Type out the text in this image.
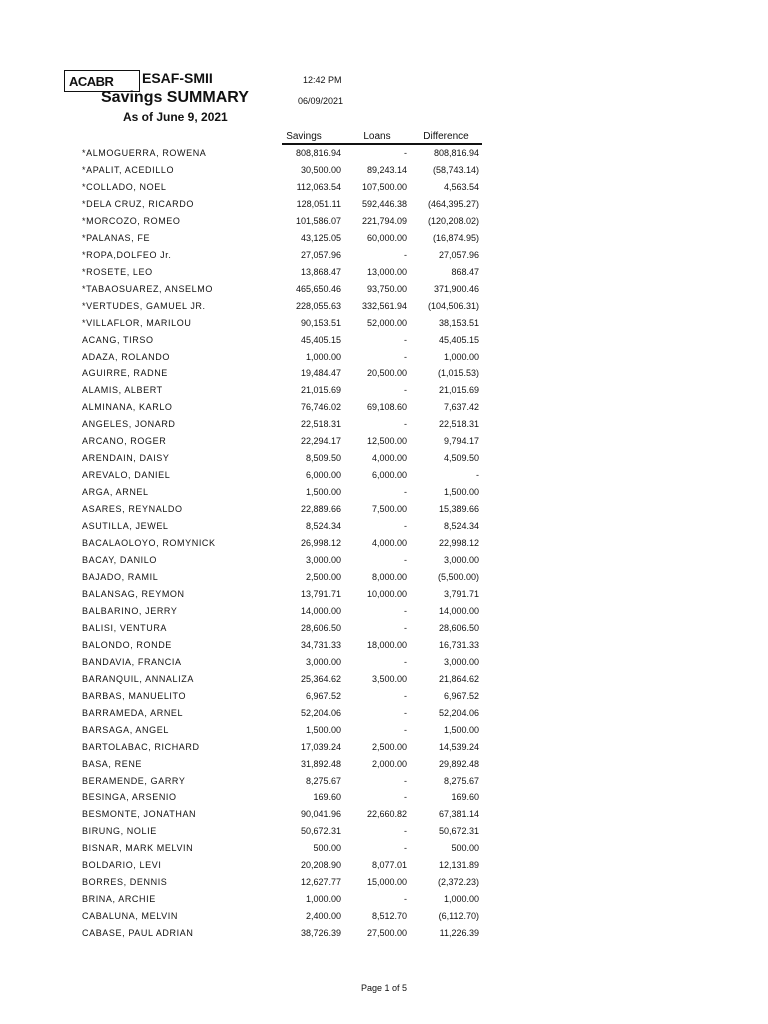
ACABR ESAF-SMII
Savings SUMMARY
As of June 9, 2021
12:42 PM
06/09/2021
Savings	Loans	Difference
*ALMOGUERRA, ROWENA	808,816.94	-	808,816.94
*APALIT, ACEDILLO	30,500.00	89,243.14	(58,743.14)
*COLLADO, NOEL	112,063.54 107,500.00	4,563.54
*DELA CRUZ, RICARDO	128,051.11 592,446.38 (464,395.27)
*MORCOZO, ROMEO	101,586.07 221,794.09 (120,208.02)
*PALANAS, FE	43,125.05	60,000.00	(16,874.95)
*ROPA,DOLFEO Jr.	27,057.96	-	27,057.96
*ROSETE, LEO	13,868.47	13,000.00	868.47
*TABAOSUAREZ, ANSELMO	465,650.46	93,750.00	371,900.46
*VERTUDES, GAMUEL JR.	228,055.63 332,561.94 (104,506.31)
*VILLAFLOR, MARILOU	90,153.51	52,000.00	38,153.51
ACANG, TIRSO	45,405.15	-	45,405.15
ADAZA, ROLANDO	1,000.00	-	1,000.00
AGUIRRE, RADNE	19,484.47	20,500.00	(1,015.53)
ALAMIS, ALBERT	21,015.69	-	21,015.69
ALMINANA, KARLO	76,746.02	69,108.60	7,637.42
ANGELES, JONARD	22,518.31	-	22,518.31
ARCANO, ROGER	22,294.17	12,500.00	9,794.17
ARENDAIN, DAISY	8,509.50	4,000.00	4,509.50
AREVALO, DANIEL	6,000.00	6,000.00	-
ARGA, ARNEL	1,500.00	-	1,500.00
ASARES, REYNALDO	22,889.66	7,500.00	15,389.66
ASUTILLA, JEWEL	8,524.34	-	8,524.34
BACALAOLOYO, ROMYNICK	26,998.12	4,000.00	22,998.12
BACAY, DANILO	3,000.00	-	3,000.00
BAJADO, RAMIL	2,500.00	8,000.00	(5,500.00)
BALANSAG, REYMON	13,791.71	10,000.00	3,791.71
BALBARINO, JERRY	14,000.00	-	14,000.00
BALISI, VENTURA	28,606.50	-	28,606.50
BALONDO, RONDE	34,731.33	18,000.00	16,731.33
BANDAVIA, FRANCIA	3,000.00	-	3,000.00
BARANQUIL, ANNALIZA	25,364.62	3,500.00	21,864.62
BARBAS, MANUELITO	6,967.52	-	6,967.52
BARRAMEDA, ARNEL	52,204.06	-	52,204.06
BARSAGA, ANGEL	1,500.00	-	1,500.00
BARTOLABAC, RICHARD	17,039.24	2,500.00	14,539.24
BASA, RENE	31,892.48	2,000.00	29,892.48
BERAMENDE, GARRY	8,275.67	-	8,275.67
BESINGA, ARSENIO	169.60	-	169.60
BESMONTE, JONATHAN	90,041.96	22,660.82	67,381.14
BIRUNG, NOLIE	50,672.31	-	50,672.31
BISNAR, MARK MELVIN	500.00	-	500.00
BOLDARIO, LEVI	20,208.90	8,077.01	12,131.89
BORRES, DENNIS	12,627.77	15,000.00	(2,372.23)
BRINA, ARCHIE	1,000.00	-	1,000.00
CABALUNA, MELVIN	2,400.00	8,512.70	(6,112.70)
CABASE, PAUL ADRIAN	38,726.39	27,500.00	11,226.39
Page 1 of 5
